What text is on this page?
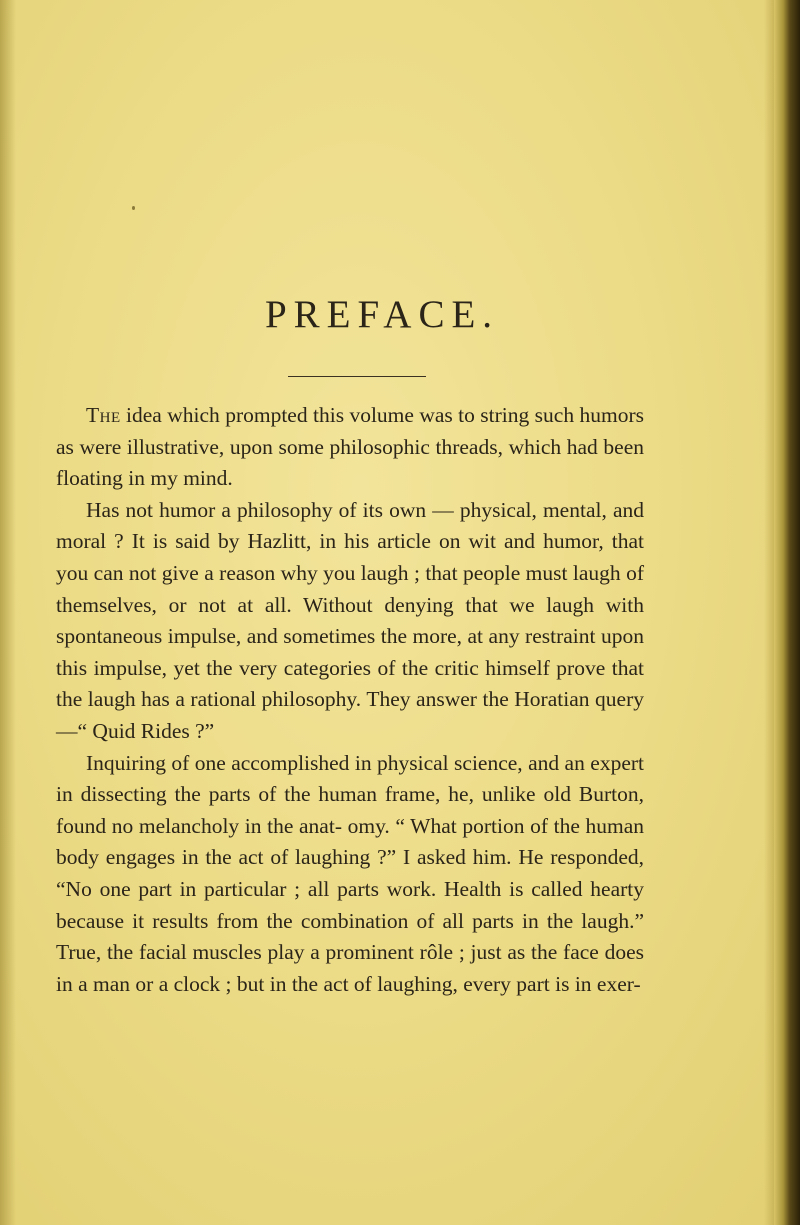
PREFACE.

The idea which prompted this volume was to string such humors as were illustrative, upon some philosophic threads, which had been floating in my mind.

Has not humor a philosophy of its own — physical, mental, and moral ? It is said by Hazlitt, in his article on wit and humor, that you can not give a reason why you laugh ; that people must laugh of themselves, or not at all. Without denying that we laugh with spontaneous impulse, and sometimes the more, at any restraint upon this impulse, yet the very categories of the critic himself prove that the laugh has a rational philosophy. They answer the Horatian query—“ Quid Rides ?”

Inquiring of one accomplished in physical science, and an expert in dissecting the parts of the human frame, he, unlike old Burton, found no melancholy in the anat- omy. “ What portion of the human body engages in the act of laughing ?” I asked him. He responded, “No one part in particular ; all parts work. Health is called hearty because it results from the combination of all parts in the laugh.” True, the facial muscles play a prominent rôle ; just as the face does in a man or a clock ; but in the act of laughing, every part is in exer-
